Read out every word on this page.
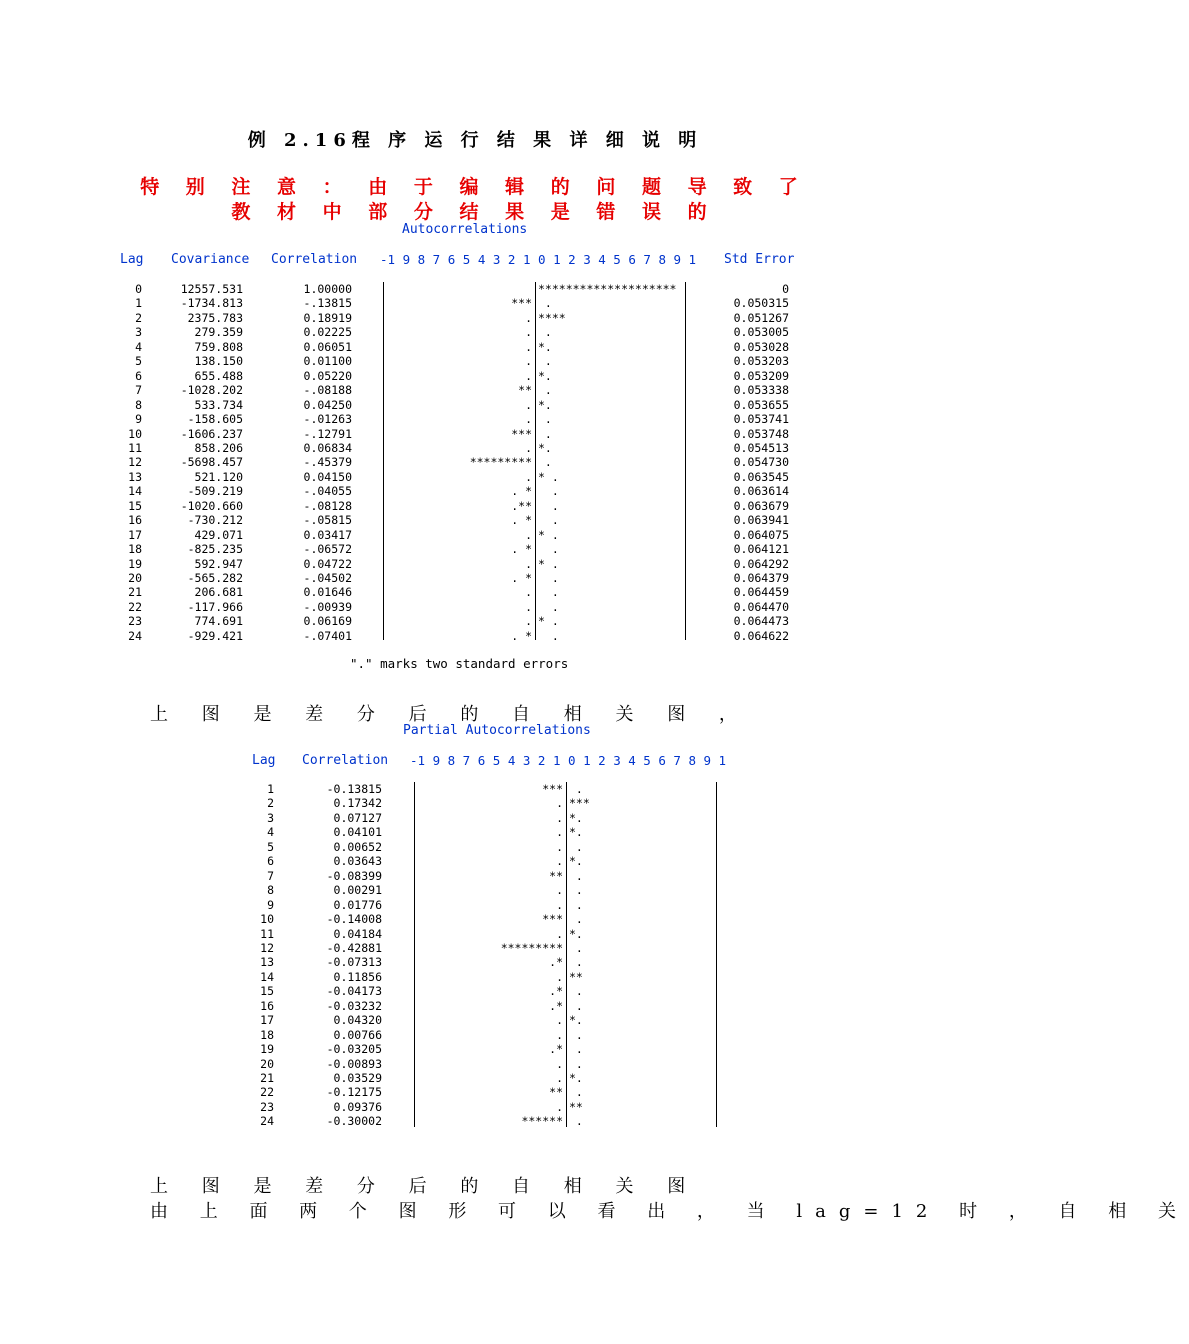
例 2.16程 序 运 行 结 果 详 细 说 明
特 别 注 意 ： 由 于 编 辑 的 问 题 导 致 了 教 材 中 部 分 结 果 是 错 误 的
Autocorrelations
Lag Covariance Correlation -1 9 8 7 6 5 4 3 2 1 0 1 2 3 4 5 6 7 8 9 1 Std Error
0	12557.531	1.00000	********************	0
1	-1734.813	-.13815	*** .	0.050315
2	2375.783	0.18919	. ****	0.051267
3	279.359	0.02225	. .	0.053005
4	759.808	0.06051	. *.	0.053028
5	138.150	0.01100	. .	0.053203
6	655.488	0.05220	. *.	0.053209
7	-1028.202	-.08188	** .	0.053338
8	533.734	0.04250	. *.	0.053655
9	-158.605	-.01263	. .	0.053741
10	-1606.237	-.12791	*** .	0.053748
11	858.206	0.06834	. *.	0.054513
12	-5698.457	-.45379	********* .	0.054730
13	521.120	0.04150	. * .	0.063545
14	-509.219	-.04055	. * .	0.063614
15	-1020.660	-.08128	.** .	0.063679
16	-730.212	-.05815	. * .	0.063941
17	429.071	0.03417	. * .	0.064075
18	-825.235	-.06572	. * .	0.064121
19	592.947	0.04722	. * .	0.064292
20	-565.282	-.04502	. * .	0.064379
21	206.681	0.01646	. .	0.064459
22	-117.966	-.00939	. .	0.064470
23	774.691	0.06169	. * .	0.064473
24	-929.421	-.07401	. * .	0.064622
"." marks two standard errors
上 图 是 差 分 后 的 自 相 关 图 ，
Partial Autocorrelations
Lag Correlation -1 9 8 7 6 5 4 3 2 1 0 1 2 3 4 5 6 7 8 9 1
1	-0.13815	*** .
2	0.17342	. ***
3	0.07127	. *.
4	0.04101	. *.
5	0.00652	. .
6	0.03643	. *.
7	-0.08399	** .
8	0.00291	. .
9	0.01776	. .
10	-0.14008	*** .
11	0.04184	. *.
12	-0.42881	********* .
13	-0.07313	.* .
14	0.11856	. **
15	-0.04173	.* .
16	-0.03232	.* .
17	0.04320	. *.
18	0.00766	. .
19	-0.03205	.* .
20	-0.00893	. .
21	0.03529	. *.
22	-0.12175	** .
23	0.09376	. **
24	-0.30002	****** .
上 图 是 差 分 后 的 自 相 关 图
由 上 面 两 个 图 形 可 以 看 出 ， 当 lag=12 时 ， 自 相 关
